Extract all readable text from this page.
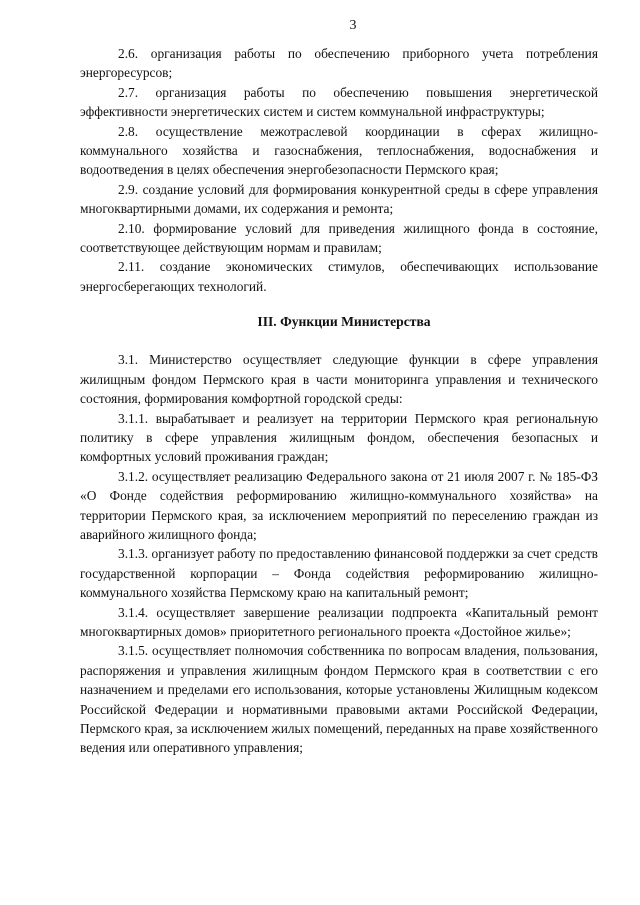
3

2.6. организация работы по обеспечению приборного учета потребления энергоресурсов;

2.7. организация работы по обеспечению повышения энергетической эффективности энергетических систем и систем коммунальной инфраструктуры;

2.8. осуществление межотраслевой координации в сферах жилищно-коммунального хозяйства и газоснабжения, теплоснабжения, водоснабжения и водоотведения в целях обеспечения энергобезопасности Пермского края;

2.9. создание условий для формирования конкурентной среды в сфере управления многоквартирными домами, их содержания и ремонта;

2.10. формирование условий для приведения жилищного фонда в состояние, соответствующее действующим нормам и правилам;

2.11. создание экономических стимулов, обеспечивающих использование энергосберегающих технологий.

III. Функции Министерства

3.1. Министерство осуществляет следующие функции в сфере управления жилищным фондом Пермского края в части мониторинга управления и технического состояния, формирования комфортной городской среды:

3.1.1. вырабатывает и реализует на территории Пермского края региональную политику в сфере управления жилищным фондом, обеспечения безопасных и комфортных условий проживания граждан;

3.1.2. осуществляет реализацию Федерального закона от 21 июля 2007 г. № 185-ФЗ «О Фонде содействия реформированию жилищно-коммунального хозяйства» на территории Пермского края, за исключением мероприятий по переселению граждан из аварийного жилищного фонда;

3.1.3. организует работу по предоставлению финансовой поддержки за счет средств государственной корпорации – Фонда содействия реформированию жилищно-коммунального хозяйства Пермскому краю на капитальный ремонт;

3.1.4. осуществляет завершение реализации подпроекта «Капитальный ремонт многоквартирных домов» приоритетного регионального проекта «Достойное жилье»;

3.1.5. осуществляет полномочия собственника по вопросам владения, пользования, распоряжения и управления жилищным фондом Пермского края в соответствии с его назначением и пределами его использования, которые установлены Жилищным кодексом Российской Федерации и нормативными правовыми актами Российской Федерации, Пермского края, за исключением жилых помещений, переданных на праве хозяйственного ведения или оперативного управления;
